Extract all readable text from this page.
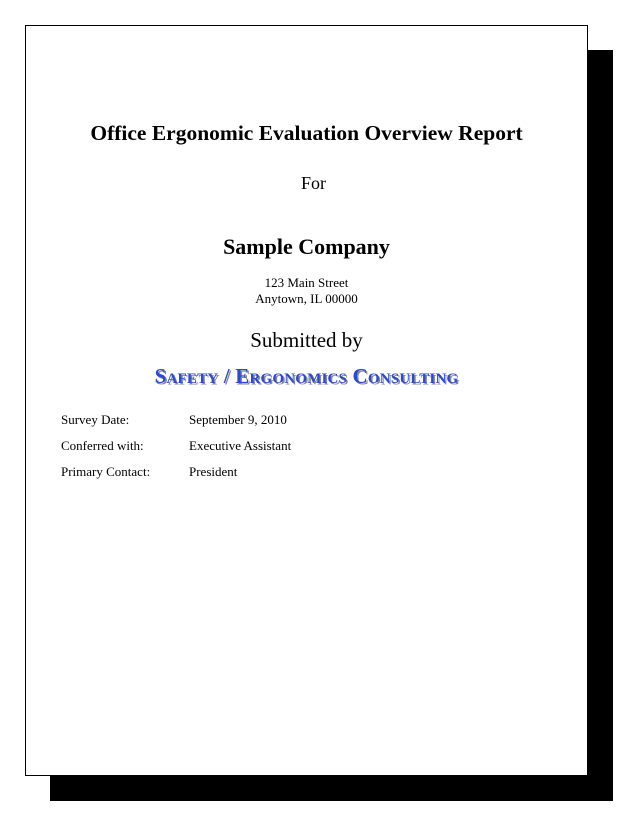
Office Ergonomic Evaluation Overview Report
For
Sample Company
123 Main Street
Anytown, IL 00000
Submitted by
Safety / Ergonomics Consulting
Survey Date:	September 9, 2010
Conferred with:	Executive Assistant
Primary Contact:	President
